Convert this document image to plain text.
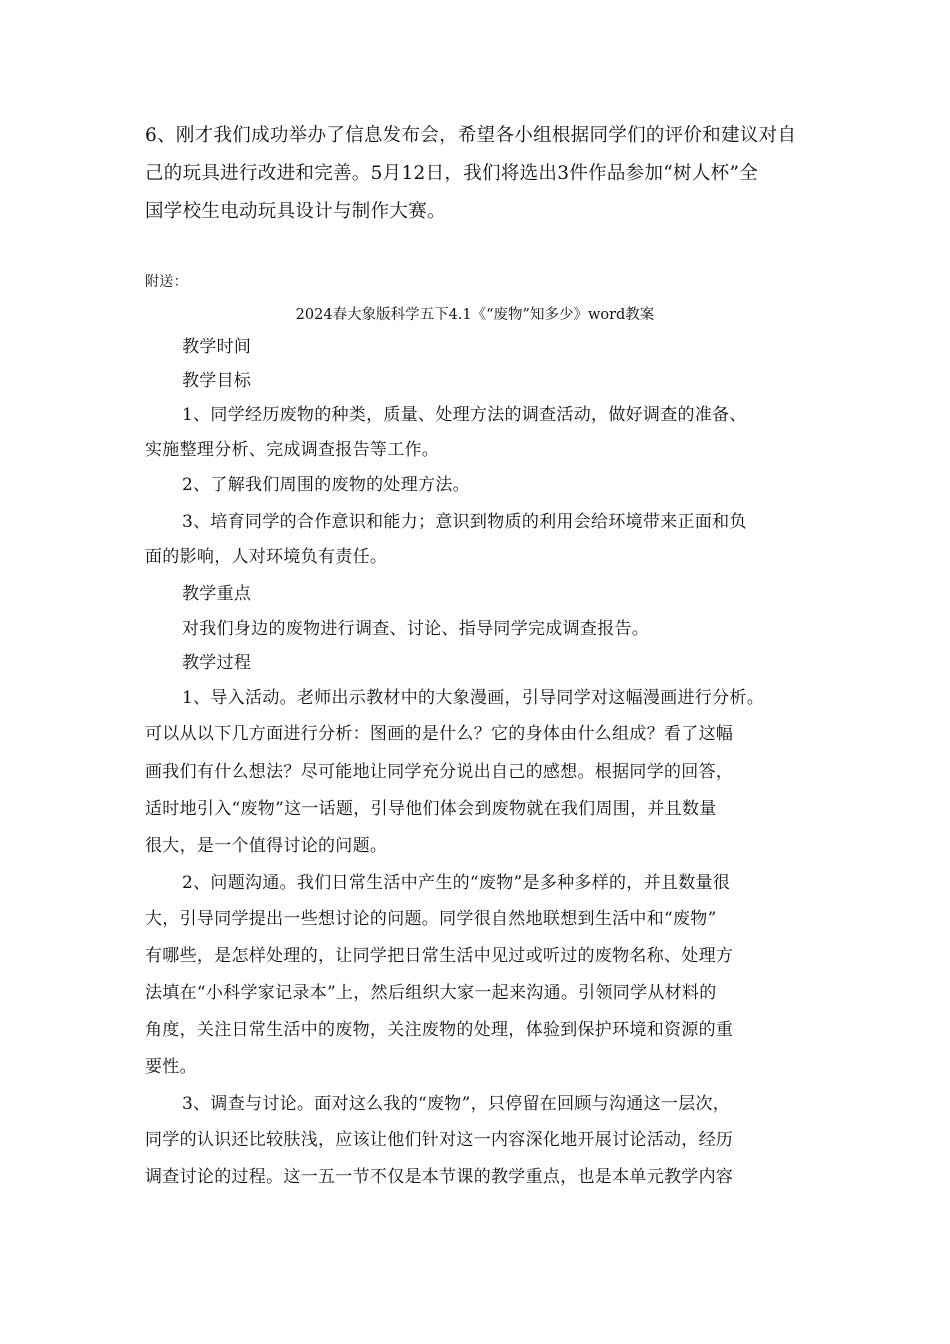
6、刚才我们成功举办了信息发布会，希望各小组根据同学们的评价和建议对自
己的玩具进行改进和完善。5月12日，我们将选出3件作品参加“树人杯”全
国学校生电动玩具设计与制作大赛。
附送：
2024春大象版科学五下4.1《“废物”知多少》word教案
教学时间
教学目标
1、同学经历废物的种类，质量、处理方法的调查活动，做好调查的准备、
实施整理分析、完成调查报告等工作。
2、了解我们周围的废物的处理方法。
3、培育同学的合作意识和能力；意识到物质的利用会给环境带来正面和负
面的影响，人对环境负有责任。
教学重点
对我们身边的废物进行调查、讨论、指导同学完成调查报告。
教学过程
1、导入活动。老师出示教材中的大象漫画，引导同学对这幅漫画进行分析。
可以从以下几方面进行分析：图画的是什么？它的身体由什么组成？看了这幅
画我们有什么想法？尽可能地让同学充分说出自己的感想。根据同学的回答，
适时地引入“废物”这一话题，引导他们体会到废物就在我们周围，并且数量
很大，是一个值得讨论的问题。
2、问题沟通。我们日常生活中产生的“废物”是多种多样的，并且数量很
大，引导同学提出一些想讨论的问题。同学很自然地联想到生活中和“废物”
有哪些，是怎样处理的，让同学把日常生活中见过或听过的废物名称、处理方
法填在“小科学家记录本”上，然后组织大家一起来沟通。引领同学从材料的
角度，关注日常生活中的废物，关注废物的处理，体验到保护环境和资源的重
要性。
3、调查与讨论。面对这么我的“废物”，只停留在回顾与沟通这一层次，
同学的认识还比较肤浅，应该让他们针对这一内容深化地开展讨论活动，经历
调查讨论的过程。这一五一节不仅是本节课的教学重点，也是本单元教学内容
